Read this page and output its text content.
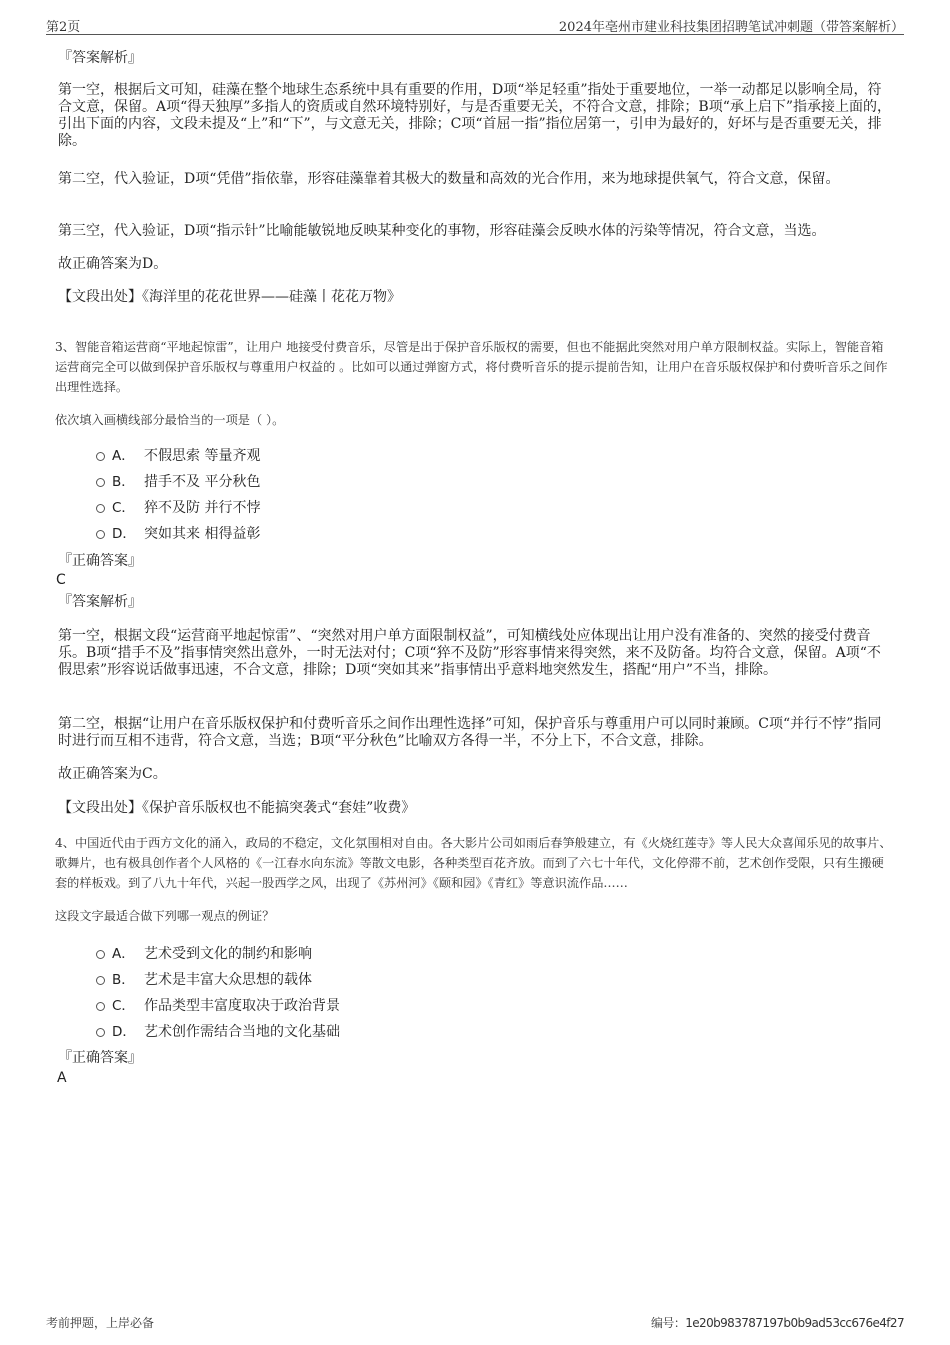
第2页	2024年亳州市建业科技集团招聘笔试冲刺题（带答案解析）
『答案解析』
第一空，根据后文可知，硅藻在整个地球生态系统中具有重要的作用，D项“举足轻重”指处于重要地位，一举一动都足以影响全局，符合文意，保留。A项“得天独厚”多指人的资质或自然环境特别好，与是否重要无关，不符合文意，排除；B项“承上启下”指承接上面的，引出下面的内容，文段未提及“上”和“下”，与文意无关，排除；C项“首屈一指”指位居第一，引申为最好的，好坏与是否重要无关，排除。
第二空，代入验证，D项“凭借”指依靠，形容硅藻靠着其极大的数量和高效的光合作用，来为地球提供氧气，符合文意，保留。
第三空，代入验证，D项“指示针”比喻能敏锐地反映某种变化的事物，形容硅藻会反映水体的污染等情况，符合文意，当选。
故正确答案为D。
【文段出处】《海洋里的花花世界——硅藻丨花花万物》
3、智能音箱运营商“平地起惊雷”，让用户 地接受付费音乐，尽管是出于保护音乐版权的需要，但也不能据此突然对用户单方限制权益。实际上，智能音箱运营商完全可以做到保护音乐版权与尊重用户权益的 。比如可以通过弹窗方式，将付费听音乐的提示提前告知，让用户在音乐版权保护和付费听音乐之间作出理性选择。
依次填入画横线部分最恰当的一项是（ ）。
A． 不假思索 等量齐观
B． 措手不及 平分秋色
C． 猝不及防 并行不悖
D． 突如其来 相得益彰
『正确答案』
C
『答案解析』
第一空，根据文段“运营商平地起惊雷”、“突然对用户单方面限制权益”，可知横线处应体现出让用户没有准备的、突然的接受付费音乐。B项“措手不及”指事情突然出意外，一时无法对付；C项“猝不及防”形容事情来得突然，来不及防备。均符合文意，保留。A项“不假思索”形容说话做事迅速，不合文意，排除；D项“突如其来”指事情出乎意料地突然发生，搭配“用户”不当，排除。
第二空，根据“让用户在音乐版权保护和付费听音乐之间作出理性选择”可知，保护音乐与尊重用户可以同时兼顾。C项“并行不悖”指同时进行而互相不违背，符合文意，当选；B项“平分秋色”比喻双方各得一半，不分上下，不合文意，排除。
故正确答案为C。
【文段出处】《保护音乐版权也不能搞突袭式“套娃”收费》
4、中国近代由于西方文化的涌入，政局的不稳定，文化氛围相对自由。各大影片公司如雨后春笋般建立，有《火烧红莲寺》等人民大众喜闻乐见的故事片、歌舞片，也有极具创作者个人风格的《一江春水向东流》等散文电影，各种类型百花齐放。而到了六七十年代，文化停滞不前，艺术创作受限，只有生搬硬套的样板戏。到了八九十年代，兴起一股西学之风，出现了《苏州河》《颐和园》《青红》等意识流作品……
这段文字最适合做下列哪一观点的例证？
A． 艺术受到文化的制约和影响
B． 艺术是丰富大众思想的载体
C． 作品类型丰富度取决于政治背景
D． 艺术创作需结合当地的文化基础
『正确答案』
A
考前押题，上岸必备	编号：1e20b983787197b0b9ad53cc676e4f27
